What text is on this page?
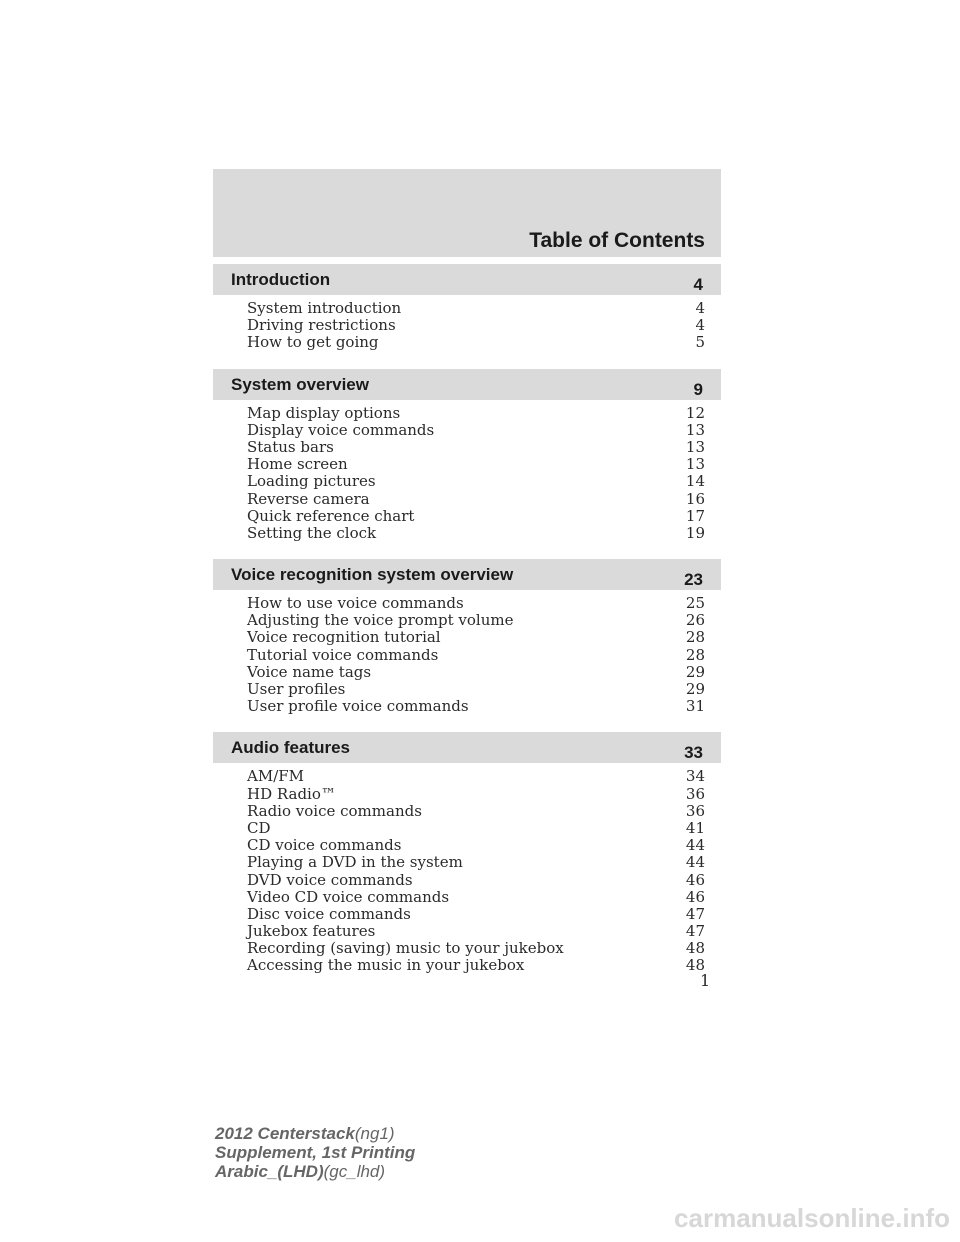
Table of Contents
Introduction	4
System introduction	4
Driving restrictions	4
How to get going	5
System overview	9
Map display options	12
Display voice commands	13
Status bars	13
Home screen	13
Loading pictures	14
Reverse camera	16
Quick reference chart	17
Setting the clock	19
Voice recognition system overview	23
How to use voice commands	25
Adjusting the voice prompt volume	26
Voice recognition tutorial	28
Tutorial voice commands	28
Voice name tags	29
User profiles	29
User profile voice commands	31
Audio features	33
AM/FM	34
HD Radio™	36
Radio voice commands	36
CD	41
CD voice commands	44
Playing a DVD in the system	44
DVD voice commands	46
Video CD voice commands	46
Disc voice commands	47
Jukebox features	47
Recording (saving) music to your jukebox	48
Accessing the music in your jukebox	48
1
2012 Centerstack(ng1)
Supplement, 1st Printing
Arabic_(LHD)(gc_lhd)
carmanualsonline.info
